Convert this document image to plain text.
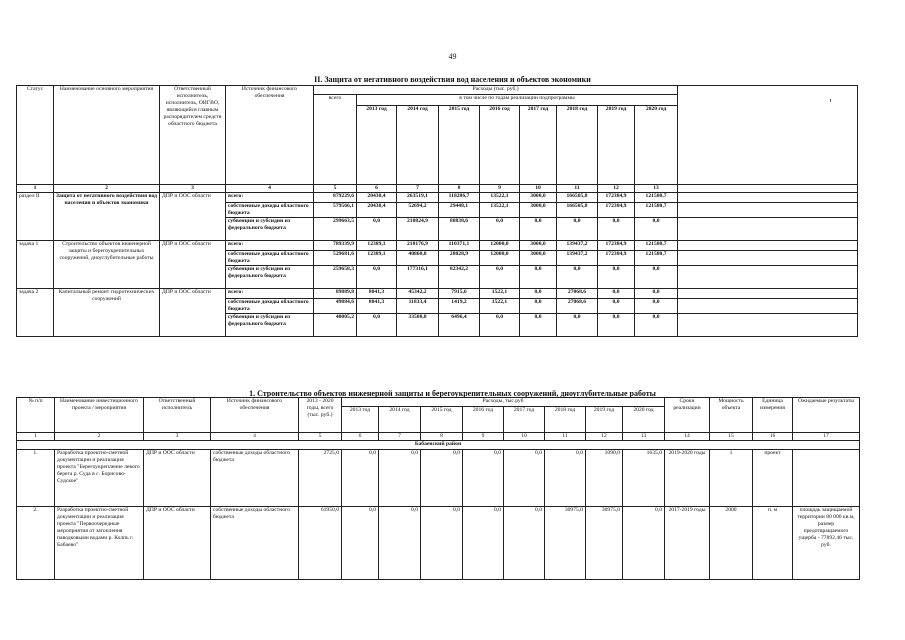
49
II. Защита от негативного воздействия вод населения и объектов экономики
Статус	Наименование основного мероприятия	Ответственный исполнитель, исполнитель, ОИГВО, являющийся главным распорядителем средств областного бюджета	Источник финансового обеспечения	Расходы (тыс. руб.)									
				всего	в том числе по годам реализации подпрограммы								
					2013 год	2014 год	2015 год	2016 год	2017 год	2018 год	2019 год	2020 год	
1	2	3	4	5	6	7	8	9	10	11	12	13	
раздел II	Защита от негативного воздействия вод населения и объектов экономики	ДПР и ООС области	всего:	879229,6	20430,4	263519,1	118286,7	13522,1	3000,0	166505,8	172384,9	121580,7	
			собственные доходы областного бюджета	579566,1	20430,4	52694,2	29448,1	13522,1	3000,0	166505,8	172384,9	121580,7	
			субвенции и субсидии из федерального бюджета	299663,5	0,0	210824,9	88838,6	0,0	0,0	0,0	0,0	0,0	
задача 1	Строительство объектов инженерной защиты и берегоукрепительных сооружений, дноуглубительные работы	ДПР и ООС области	всего:	789339,9	12389,1	218176,9	110371,1	12000,0	3000,0	139437,2	172384,9	121580,7	
			собственные доходы областного бюджета	529681,6	12389,1	40860,8	28028,9	12000,0	3000,0	139437,2	172384,9	121580,7	
			субвенции и субсидии из федерального бюджета	259658,3	0,0	177316,1	82342,2	0,0	0,0	0,0	0,0	0,0	
задача 2	Капитальный ремонт гидротехнических сооружений	ДПР и ООС области	всего:	89889,8	8041,3	45342,2	7915,6	1522,1	0,0	27068,6	0,0	0,0	
			собственные доходы областного бюджета	49884,6	8041,3	11833,4	1419,2	1522,1	0,0	27068,6	0,0	0,0	
			субвенции и субсидии из федерального бюджета	40005,2	0,0	33508,8	6496,4	0,0	0,0	0,0	0,0	0,0	
1. Строительство объектов инженерной защиты и берегоукрепительных сооружений, дноуглубительные работы
№ п/п	Наименование инвестиционного проекта / мероприятия	Ответственный исполнитель	Источник финансового обеспечения	2013 - 2020 годы, всего (тыс. руб.)	Расходы, тыс.руб								Сроки реализации	Мощность объекта	Единица измерения	Ожидаемые результаты
					2013 год	2014 год	2015 год	2016 год	2017 год	2018 год	2019 год	2020 год				
1	2	3	4	5	6	7	8	9	10	11	12	13	14	15	16	17
Бабаевский район																
1.	Разработка проектно-сметной документации и реализация проекта "Берегоукрепление левого берега р. Суда в с. Борисово-Судское"	ДПР и ООС области	собственные доходы областного бюджета	2725,0	0,0	0,0	0,0	0,0	0,0	0,0	1090,0	1635,0	2019-2020 годы	1	проект	
2.	Разработка проектно-сметной документации и реализация проекта "Первоочередные мероприятия от затопления паводковыми водами р. Колпь г. Бабаево"	ДПР и ООС области	собственные доходы областного бюджета	61950,0	0,0	0,0	0,0	0,0	0,0	30975,0	30975,0	0,0	2017-2019 годы	2000	п. м	площадь защищаемой территории 80 000 кв.м, размер предотвращаемого ущерба - 77892,46 тыс. руб.
